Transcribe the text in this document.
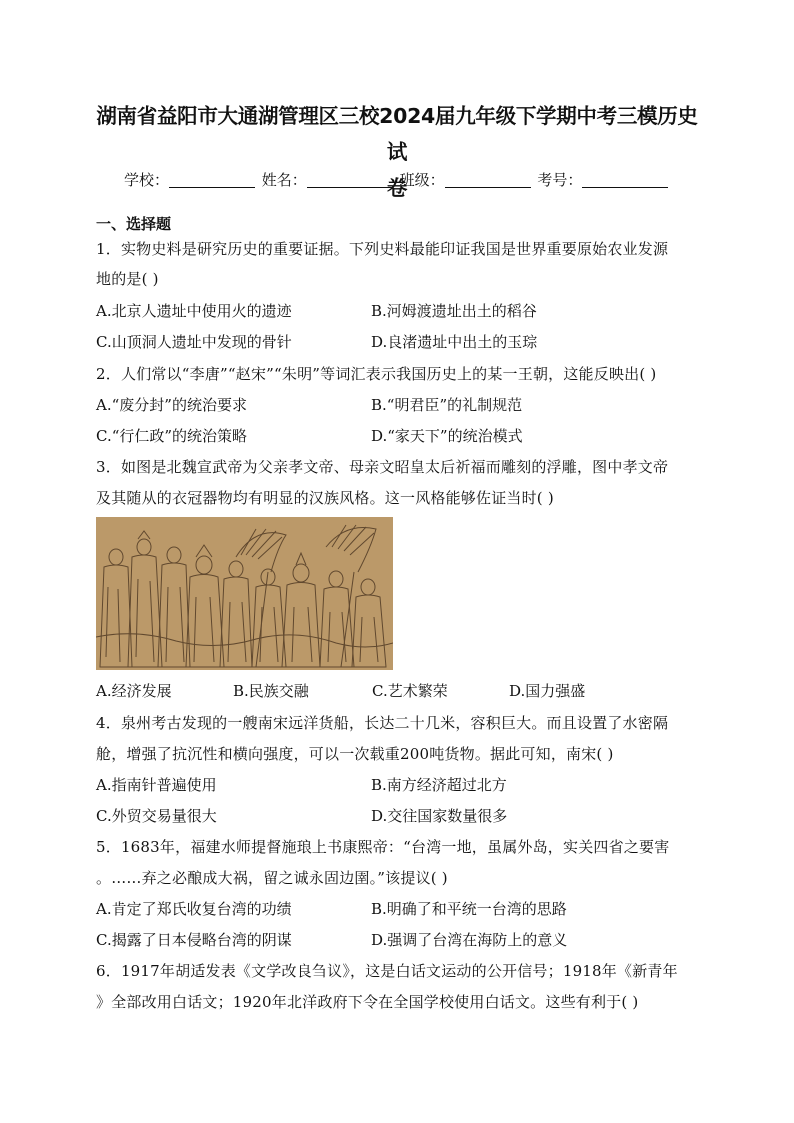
湖南省益阳市大通湖管理区三校2024届九年级下学期中考三模历史试
卷
学校：	姓名：	班级：	考号：
一、选择题
1．实物史料是研究历史的重要证据。下列史料最能印证我国是世界重要原始农业发源
地的是( )
A.北京人遗址中使用火的遗迹	B.河姆渡遗址出土的稻谷
C.山顶洞人遗址中发现的骨针	D.良渚遗址中出土的玉琮
2．人们常以“李唐”“赵宋”“朱明”等词汇表示我国历史上的某一王朝，这能反映出( )
A.“废分封”的统治要求	B.“明君臣”的礼制规范
C.“行仁政”的统治策略	D.“家天下”的统治模式
3．如图是北魏宣武帝为父亲孝文帝、母亲文昭皇太后祈福而雕刻的浮雕，图中孝文帝
及其随从的衣冠器物均有明显的汉族风格。这一风格能够佐证当时( )
A.经济发展	B.民族交融	C.艺术繁荣	D.国力强盛
4．泉州考古发现的一艘南宋远洋货船，长达二十几米，容积巨大。而且设置了水密隔
舱，增强了抗沉性和横向强度，可以一次载重200吨货物。据此可知，南宋( )
A.指南针普遍使用	B.南方经济超过北方
C.外贸交易量很大	D.交往国家数量很多
5．1683年，福建水师提督施琅上书康熙帝：“台湾一地，虽属外岛，实关四省之要害
。……弃之必酿成大祸，留之诚永固边圉。”该提议( )
A.肯定了郑氏收复台湾的功绩	B.明确了和平统一台湾的思路
C.揭露了日本侵略台湾的阴谋	D.强调了台湾在海防上的意义
6．1917年胡适发表《文学改良刍议》，这是白话文运动的公开信号；1918年《新青年
》全部改用白话文；1920年北洋政府下令在全国学校使用白话文。这些有利于( )
